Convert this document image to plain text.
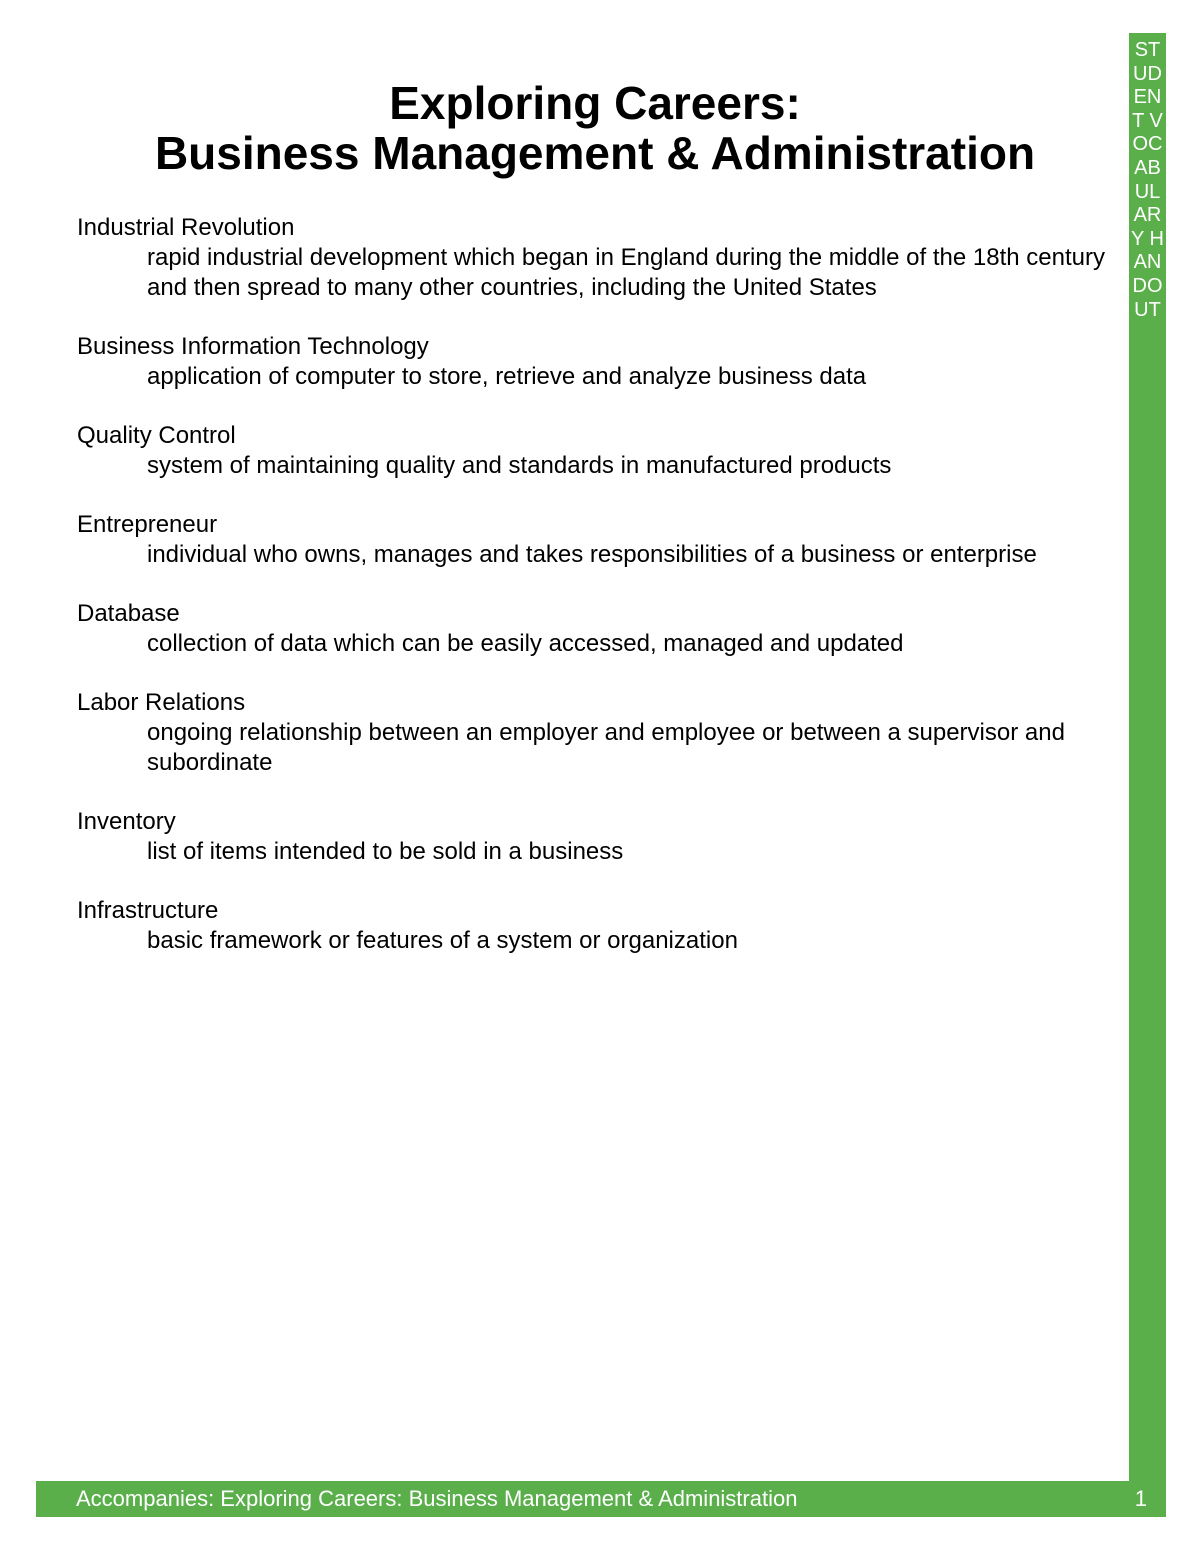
Exploring Careers:
Business Management & Administration
Industrial Revolution
rapid industrial development which began in England during the middle of the 18th century and then spread to many other countries, including the United States
Business Information Technology
application of computer to store, retrieve and analyze business data
Quality Control
system of maintaining quality and standards in manufactured products
Entrepreneur
individual who owns, manages and takes responsibilities of a business or enterprise
Database
collection of data which can be easily accessed, managed and updated
Labor Relations
ongoing relationship between an employer and employee or between a supervisor and subordinate
Inventory
list of items intended to be sold in a business
Infrastructure
basic framework or features of a system or organization
STUDENT VOCABULARY HANDOUT
Accompanies: Exploring Careers: Business Management & Administration	1
